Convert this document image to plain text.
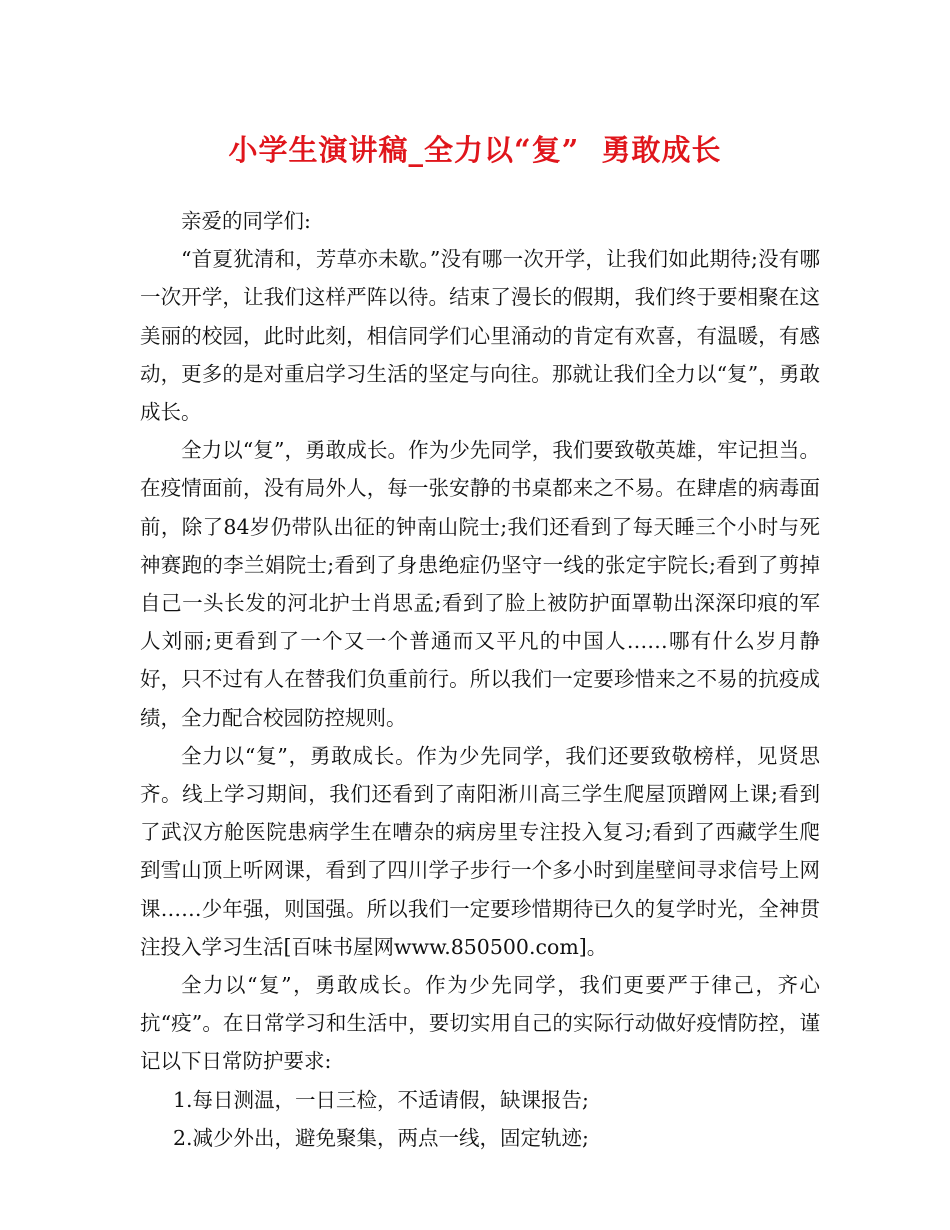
小学生演讲稿_全力以“复”  勇敢成长

亲爱的同学们:

“首夏犹清和，芳草亦未歇。”没有哪一次开学，让我们如此期待;没有哪一次开学，让我们这样严阵以待。结束了漫长的假期，我们终于要相聚在这美丽的校园，此时此刻，相信同学们心里涌动的肯定有欢喜，有温暖，有感动，更多的是对重启学习生活的坚定与向往。那就让我们全力以“复”，勇敢成长。

全力以“复”，勇敢成长。作为少先同学，我们要致敬英雄，牢记担当。在疫情面前，没有局外人，每一张安静的书桌都来之不易。在肆虐的病毒面前，除了84岁仍带队出征的钟南山院士;我们还看到了每天睡三个小时与死神赛跑的李兰娟院士;看到了身患绝症仍坚守一线的张定宇院长;看到了剪掉自己一头长发的河北护士肖思孟;看到了脸上被防护面罩勒出深深印痕的军人刘丽;更看到了一个又一个普通而又平凡的中国人……哪有什么岁月静好，只不过有人在替我们负重前行。所以我们一定要珍惜来之不易的抗疫成绩，全力配合校园防控规则。

全力以“复”，勇敢成长。作为少先同学，我们还要致敬榜样，见贤思齐。线上学习期间，我们还看到了南阳淅川高三学生爬屋顶蹭网上课;看到了武汉方舱医院患病学生在嘈杂的病房里专注投入复习;看到了西藏学生爬到雪山顶上听网课，看到了四川学子步行一个多小时到崖壁间寻求信号上网课……少年强，则国强。所以我们一定要珍惜期待已久的复学时光，全神贯注投入学习生活[百味书屋网www.850500.com]。

全力以“复”，勇敢成长。作为少先同学，我们更要严于律己，齐心抗“疫”。在日常学习和生活中，要切实用自己的实际行动做好疫情防控，谨记以下日常防护要求:

1.每日测温，一日三检，不适请假，缺课报告;

2.减少外出，避免聚集，两点一线，固定轨迹;
